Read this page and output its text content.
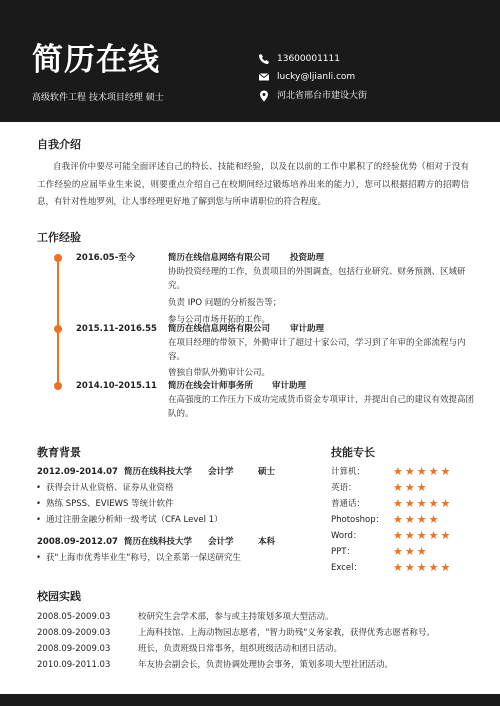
简历在线
高级软件工程 技术项目经理 硕士
13600001111
lucky@ljianli.com
河北省邢台市建设大街
自我介绍
自我评价中要尽可能全面评述自己的特长、技能和经验，以及在以前的工作中累积了的经验优势（相对于没有工作经验的应届毕业生来说，则要重点介绍自己在校期间经过锻炼培养出来的能力），您可以根据招聘方的招聘信息，有针对性地罗列，让人事经理更好地了解到您与所申请职位的符合程度。
工作经验
2016.05-至今	简历在线信息网络有限公司 投资助理
协助投资经理的工作，负责项目的外围调查，包括行业研究、财务预测、区域研究。
负责 IPO 问题的分析报告等；
参与公司市场开拓的工作。
2015.11-2016.55 简历在线信息网络有限公司 审计助理
在项目经理的带领下，外勤审计了超过十家公司，学习到了年审的全部流程与内容。
曾独自带队外勤审计公司。
2014.10-2015.11 简历在线会计师事务所 审计助理
在高强度的工作压力下成功完成货币资金专项审计，并提出自己的建议有效提高团队的。
教育背景
2012.09-2014.07 简历在线科技大学 会计学	硕士
• 获得会计从业资格、证券从业资格
• 熟练 SPSS、EVIEWS 等统计软件
• 通过注册金融分析师一级考试（CFA Level 1）
2008.09-2012.07 简历在线科技大学 会计学	本科
• 获"上海市优秀毕业生"称号，以全系第一保送研究生
技能专长
计算机：	★★★★★
英语：	★★★
普通话：	★★★★★
Photoshop： ★★★★
Word：	★★★★★
PPT：	★★★
Excel：	★★★★★
校园实践
2008.05-2009.03	校研究生会学术部，参与或主持策划多项大型活动。
2008.09-2009.03	上海科技馆、上海动物园志愿者，"智力助残"义务家教，获得优秀志愿者称号。
2008.09-2009.03	班长，负责班级日常事务，组织班级活动和团日活动。
2010.09-2011.03	年友协会副会长，负责协调处理协会事务，策划多项大型社团活动。
